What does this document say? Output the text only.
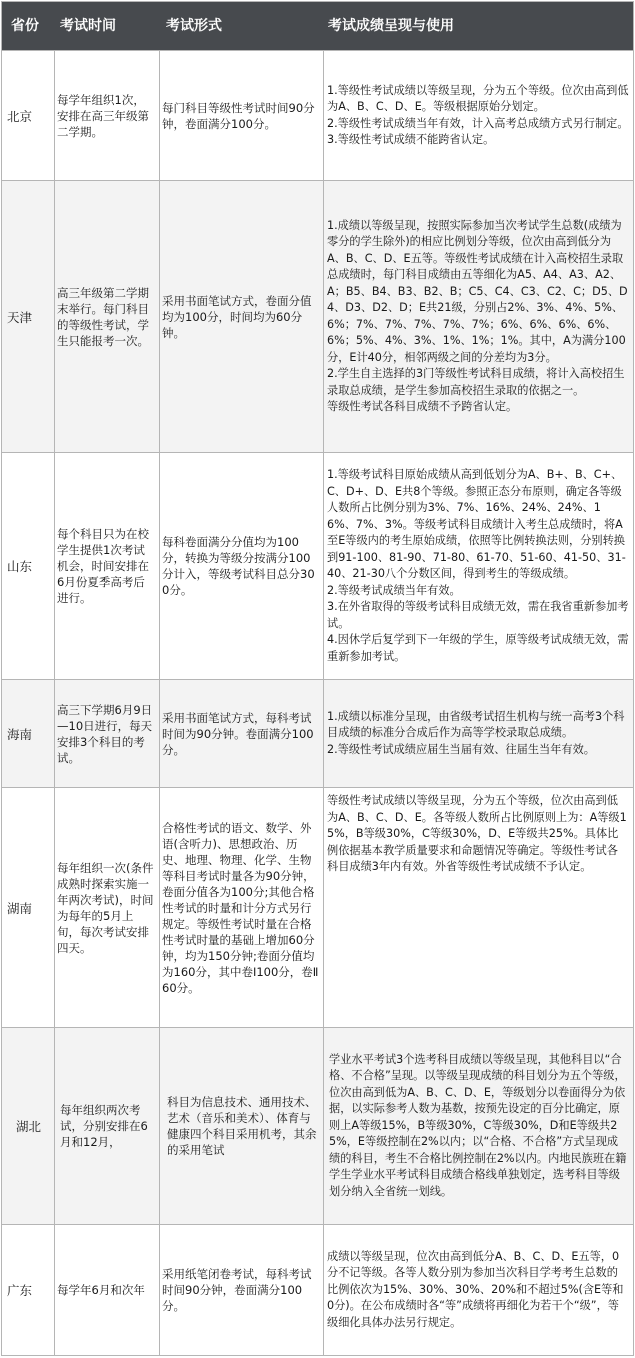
省份 考试时间	考试形式	考试成绩呈现与使用
北京
每学年组织1次，安排在高三年级第二学期。
每门科目等级性考试时间90分钟，卷面满分100分。
1.等级性考试成绩以等级呈现，分为五个等级。位次由高到低为A、B、C、D、E。等级根据原始分划定。
2.等级性考试成绩当年有效，计入高考总成绩方式另行制定。
3.等级性考试成绩不能跨省认定。
天津
高三年级第二学期末举行。每门科目的等级性考试，学生只能报考一次。
采用书面笔试方式，卷面分值均为100分，时间均为60分钟。
1.成绩以等级呈现，按照实际参加当次考试学生总数(成绩为零分的学生除外)的相应比例划分等级，位次由高到低分为A、B、C、D、E五等。等级性考试成绩在计入高校招生录取总成绩时，每门科目成绩由五等细化为A5、A4、A3、A2、A；B5、B4、B3、B2、B；C5、C4、C3、C2、C；D5、D4、D3、D2、D；E共21级，分别占2%、3%、4%、5%、6%；7%、7%、7%、7%、7%；6%、6%、6%、6%、6%；5%、4%、3%、1%、1%；1%。其中，A为满分100分，E计40分，相邻两级之间的分差均为3分。
2.学生自主选择的3门等级性考试科目成绩，将计入高校招生录取总成绩，是学生参加高校招生录取的依据之一。
等级性考试各科目成绩不予跨省认定。
山东
每个科目只为在校学生提供1次考试机会，时间安排在6月份夏季高考后进行。
每科卷面满分分值均为100分，转换为等级分按满分100分计入，等级考试科目总分300分。
1.等级考试科目原始成绩从高到低划分为A、B+、B、C+、C、D+、D、E共8个等级。参照正态分布原则，确定各等级人数所占比例分别为3%、7%、16%、24%、24%、16%、7%、3%。等级考试科目成绩计入考生总成绩时，将A至E等级内的考生原始成绩，依照等比例转换法则，分别转换到91-100、81-90、71-80、61-70、51-60、41-50、31-40、21-30八个分数区间，得到考生的等级成绩。
2.等级考试成绩当年有效。
3.在外省取得的等级考试科目成绩无效，需在我省重新参加考试。
4.因休学后复学到下一年级的学生，原等级考试成绩无效，需重新参加考试。
海南
高三下学期6月9日—10日进行，每天安排3个科目的考试。
采用书面笔试方式，每科考试时间为90分钟。卷面满分100分。
1.成绩以标准分呈现，由省级考试招生机构与统一高考3个科目成绩的标准分合成后作为高等学校录取总成绩。
2.等级性考试成绩应届生当届有效、往届生当年有效。
湖南
每年组织一次(条件成熟时探索实施一年两次考试)，时间为每年的5月上旬，每次考试安排四天。
合格性考试的语文、数学、外语(含听力)、思想政治、历史、地理、物理、化学、生物等科目考试时量各为90分钟，卷面分值各为100分;其他合格性考试的时量和计分方式另行规定。等级性考试时量在合格性考试时量的基础上增加60分钟，均为150分钟;卷面分值均为160分，其中卷Ⅰ100分，卷Ⅱ60分。
等级性考试成绩以等级呈现，分为五个等级，位次由高到低为A、B、C、D、E。各等级人数所占比例原则上为：A等级15%，B等级30%，C等级30%，D、E等级共25%。具体比例依据基本教学质量要求和命题情况等确定。等级性考试各科目成绩3年内有效。外省等级性考试成绩不予认定。
湖北
每年组织两次考试，分别安排在6月和12月，
科目为信息技术、通用技术、艺术（音乐和美术）、体育与健康四个科目采用机考，其余的采用笔试
学业水平考试3个选考科目成绩以等级呈现，其他科目以“合格、不合格”呈现。以等级呈现成绩的科目划分为五个等级，位次由高到低为A、B、C、D、E，等级划分以卷面得分为依据，以实际参考人数为基数，按预先设定的百分比确定，原则上A等级15%，B等级30%，C等级30%，D和E等级共25%，E等级控制在2%以内；以“合格、不合格”方式呈现成绩的科目，考生不合格比例控制在2%以内。内地民族班在籍学生学业水平考试科目成绩合格线单独划定，选考科目等级划分纳入全省统一划线。
广东 每学年6月和次年
采用纸笔闭卷考试，每科考试时间90分钟，卷面满分100分。
成绩以等级呈现，位次由高到低分A、B、C、D、E五等，0分不记等级。各等人数分别为参加当次科目学考考生总数的比例依次为15%、30%、30%、20%和不超过5%(含E等和0分)。在公布成绩时各“等”成绩将再细化为若干个“级”，等级细化具体办法另行规定。
